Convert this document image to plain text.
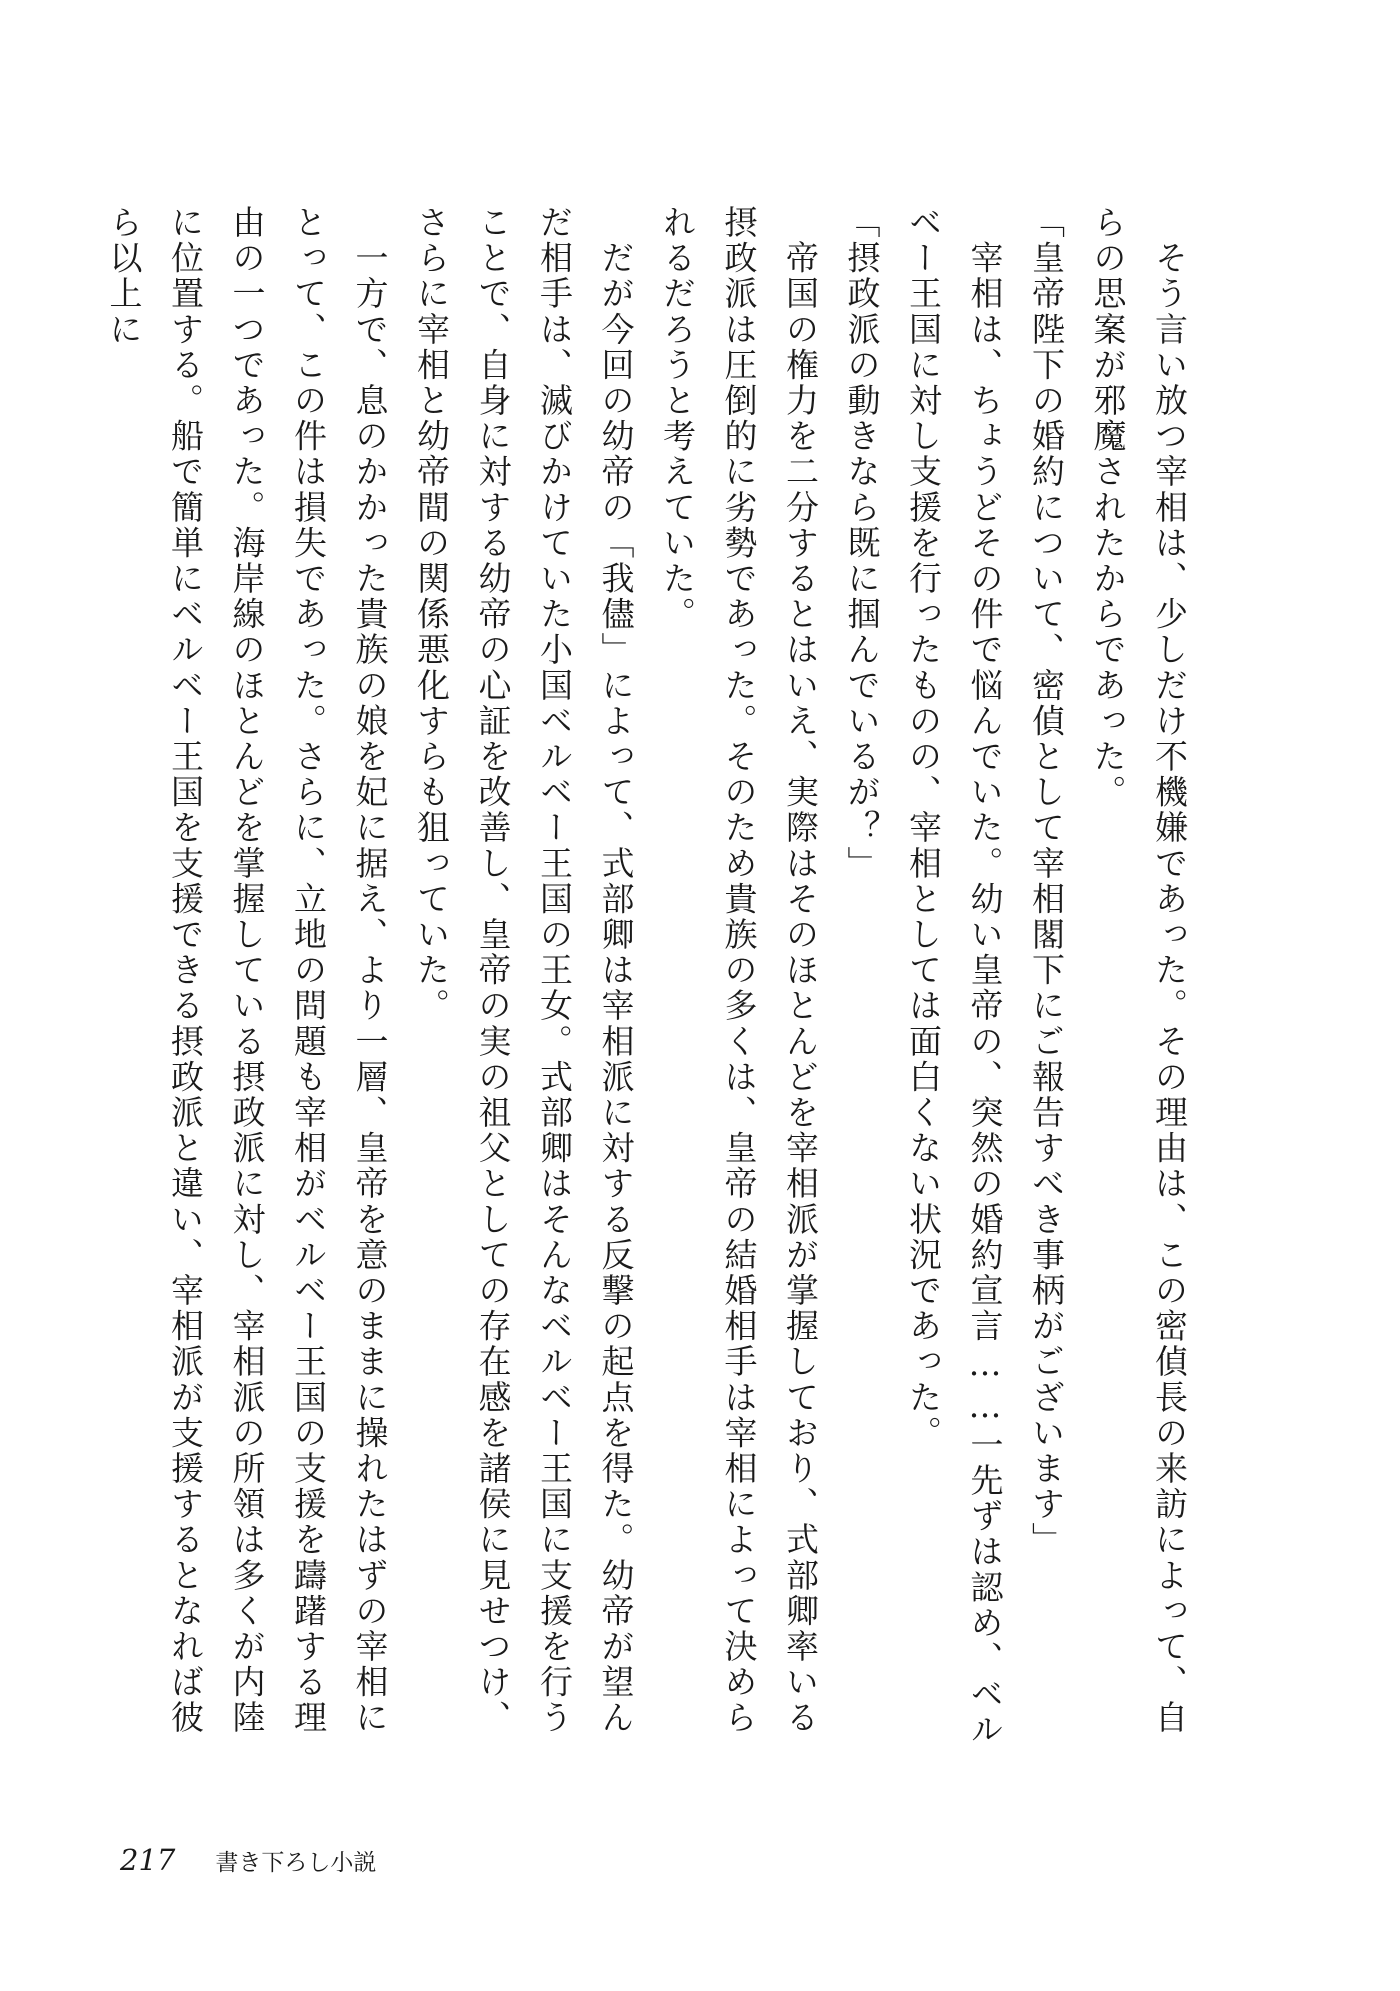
　そう言い放つ宰相は、少しだけ不機嫌であった。その理由は、この密偵長の来訪によって、自らの思案が邪魔されたからであった。

「皇帝陛下の婚約について、密偵として宰相閣下にご報告すべき事柄がございます」

　宰相は、ちょうどその件で悩んでいた。幼い皇帝の、突然の婚約宣言……一先ずは認め、ベルベー王国に対し支援を行ったものの、宰相としては面白くない状況であった。

「摂政派の動きなら既に掴んでいるが？」

　帝国の権力を二分するとはいえ、実際はそのほとんどを宰相派が掌握しており、式部卿率いる摂政派は圧倒的に劣勢であった。そのため貴族の多くは、皇帝の結婚相手は宰相によって決められるだろうと考えていた。

　だが今回の幼帝の「我儘」によって、式部卿は宰相派に対する反撃の起点を得た。幼帝が望んだ相手は、滅びかけていた小国ベルベー王国の王女。式部卿はそんなベルベー王国に支援を行うことで、自身に対する幼帝の心証を改善し、皇帝の実の祖父としての存在感を諸侯に見せつけ、さらに宰相と幼帝間の関係悪化すらも狙っていた。

　一方で、息のかかった貴族の娘を妃に据え、より一層、皇帝を意のままに操れたはずの宰相にとって、この件は損失であった。さらに、立地の問題も宰相がベルベー王国の支援を躊躇する理由の一つであった。海岸線のほとんどを掌握している摂政派に対し、宰相派の所領は多くが内陸に位置する。船で簡単にベルベー王国を支援できる摂政派と違い、宰相派が支援するとなれば彼ら以上に

217 書き下ろし小説
